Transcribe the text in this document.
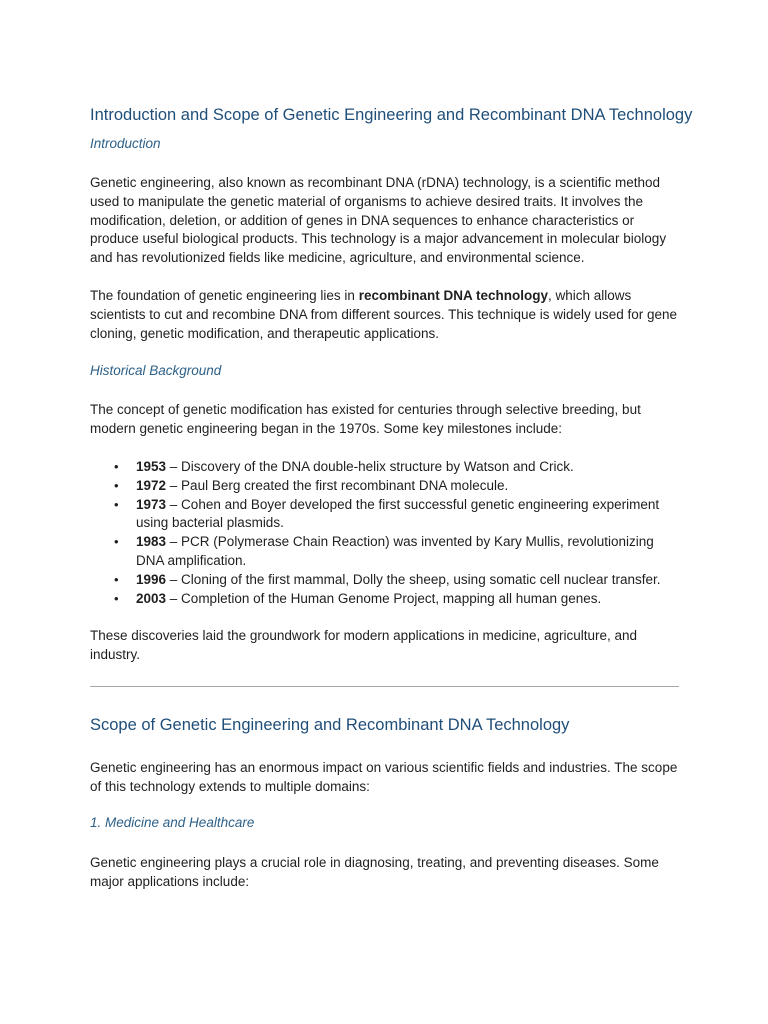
Introduction and Scope of Genetic Engineering and Recombinant DNA Technology
Introduction

Genetic engineering, also known as recombinant DNA (rDNA) technology, is a scientific method used to manipulate the genetic material of organisms to achieve desired traits. It involves the modification, deletion, or addition of genes in DNA sequences to enhance characteristics or produce useful biological products. This technology is a major advancement in molecular biology and has revolutionized fields like medicine, agriculture, and environmental science.

The foundation of genetic engineering lies in recombinant DNA technology, which allows scientists to cut and recombine DNA from different sources. This technique is widely used for gene cloning, genetic modification, and therapeutic applications.

Historical Background

The concept of genetic modification has existed for centuries through selective breeding, but modern genetic engineering began in the 1970s. Some key milestones include:

• 1953 – Discovery of the DNA double-helix structure by Watson and Crick.
• 1972 – Paul Berg created the first recombinant DNA molecule.
• 1973 – Cohen and Boyer developed the first successful genetic engineering experiment using bacterial plasmids.
• 1983 – PCR (Polymerase Chain Reaction) was invented by Kary Mullis, revolutionizing DNA amplification.
• 1996 – Cloning of the first mammal, Dolly the sheep, using somatic cell nuclear transfer.
• 2003 – Completion of the Human Genome Project, mapping all human genes.

These discoveries laid the groundwork for modern applications in medicine, agriculture, and industry.

Scope of Genetic Engineering and Recombinant DNA Technology

Genetic engineering has an enormous impact on various scientific fields and industries. The scope of this technology extends to multiple domains:

1. Medicine and Healthcare

Genetic engineering plays a crucial role in diagnosing, treating, and preventing diseases. Some major applications include:
